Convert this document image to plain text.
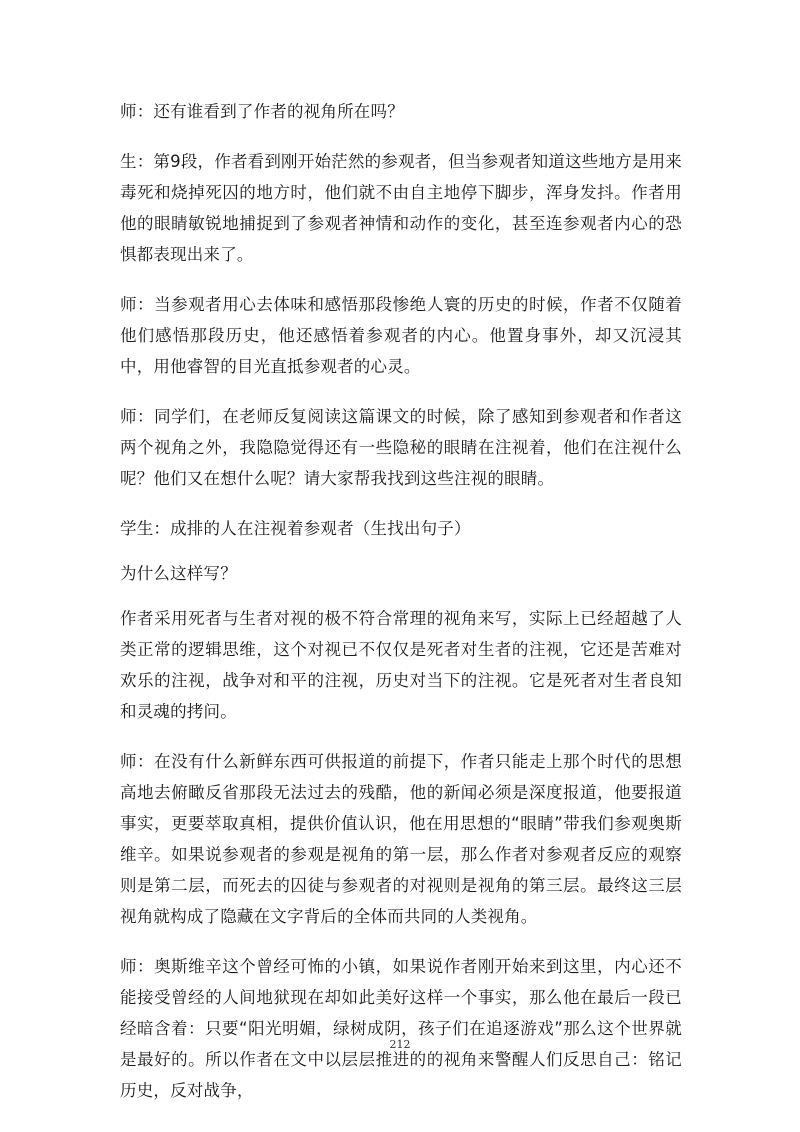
师：还有谁看到了作者的视角所在吗？

生：第9段，作者看到刚开始茫然的参观者，但当参观者知道这些地方是用来毒死和烧掉死囚的地方时，他们就不由自主地停下脚步，浑身发抖。作者用他的眼睛敏锐地捕捉到了参观者神情和动作的变化，甚至连参观者内心的恐惧都表现出来了。

师：当参观者用心去体味和感悟那段惨绝人寰的历史的时候，作者不仅随着他们感悟那段历史，他还感悟着参观者的内心。他置身事外，却又沉浸其中，用他睿智的目光直抵参观者的心灵。

师：同学们，在老师反复阅读这篇课文的时候，除了感知到参观者和作者这两个视角之外，我隐隐觉得还有一些隐秘的眼睛在注视着，他们在注视什么呢？他们又在想什么呢？请大家帮我找到这些注视的眼睛。

学生：成排的人在注视着参观者（生找出句子）

为什么这样写？

作者采用死者与生者对视的极不符合常理的视角来写，实际上已经超越了人类正常的逻辑思维，这个对视已不仅仅是死者对生者的注视，它还是苦难对欢乐的注视，战争对和平的注视，历史对当下的注视。它是死者对生者良知和灵魂的拷问。

师：在没有什么新鲜东西可供报道的前提下，作者只能走上那个时代的思想高地去俯瞰反省那段无法过去的残酷，他的新闻必须是深度报道，他要报道事实，更要萃取真相，提供价值认识，他在用思想的“眼睛”带我们参观奥斯维辛。如果说参观者的参观是视角的第一层，那么作者对参观者反应的观察则是第二层，而死去的囚徒与参观者的对视则是视角的第三层。最终这三层视角就构成了隐藏在文字背后的全体而共同的人类视角。

师：奥斯维辛这个曾经可怖的小镇，如果说作者刚开始来到这里，内心还不能接受曾经的人间地狱现在却如此美好这样一个事实，那么他在最后一段已经暗含着：只要“阳光明媚，绿树成阴，孩子们在追逐游戏”那么这个世界就是最好的。所以作者在文中以层层推进的的视角来警醒人们反思自己：铭记历史，反对战争，

212
